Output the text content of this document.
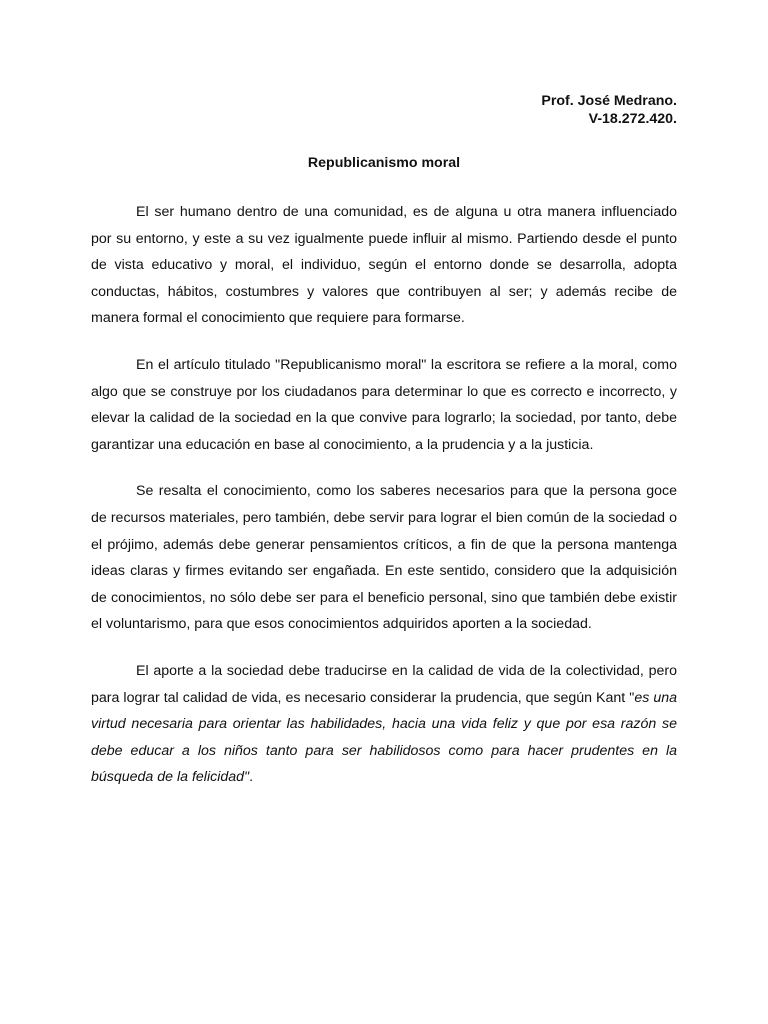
Prof. José Medrano.
V-18.272.420.
Republicanismo moral

El ser humano dentro de una comunidad, es de alguna u otra manera influenciado por su entorno, y este a su vez igualmente puede influir al mismo. Partiendo desde el punto de vista educativo y moral, el individuo, según el entorno donde se desarrolla, adopta conductas, hábitos, costumbres y valores que contribuyen al ser; y además recibe de manera formal el conocimiento que requiere para formarse.

En el artículo titulado "Republicanismo moral" la escritora se refiere a la moral, como algo que se construye por los ciudadanos para determinar lo que es correcto e incorrecto, y elevar la calidad de la sociedad en la que convive para lograrlo; la sociedad, por tanto, debe garantizar una educación en base al conocimiento, a la prudencia y a la justicia.

Se resalta el conocimiento, como los saberes necesarios para que la persona goce de recursos materiales, pero también, debe servir para lograr el bien común de la sociedad o el prójimo, además debe generar pensamientos críticos, a fin de que la persona mantenga ideas claras y firmes evitando ser engañada. En este sentido, considero que la adquisición de conocimientos, no sólo debe ser para el beneficio personal, sino que también debe existir el voluntarismo, para que esos conocimientos adquiridos aporten a la sociedad.

El aporte a la sociedad debe traducirse en la calidad de vida de la colectividad, pero para lograr tal calidad de vida, es necesario considerar la prudencia, que según Kant "es una virtud necesaria para orientar las habilidades, hacia una vida feliz y que por esa razón se debe educar a los niños tanto para ser habilidosos como para hacer prudentes en la búsqueda de la felicidad".
